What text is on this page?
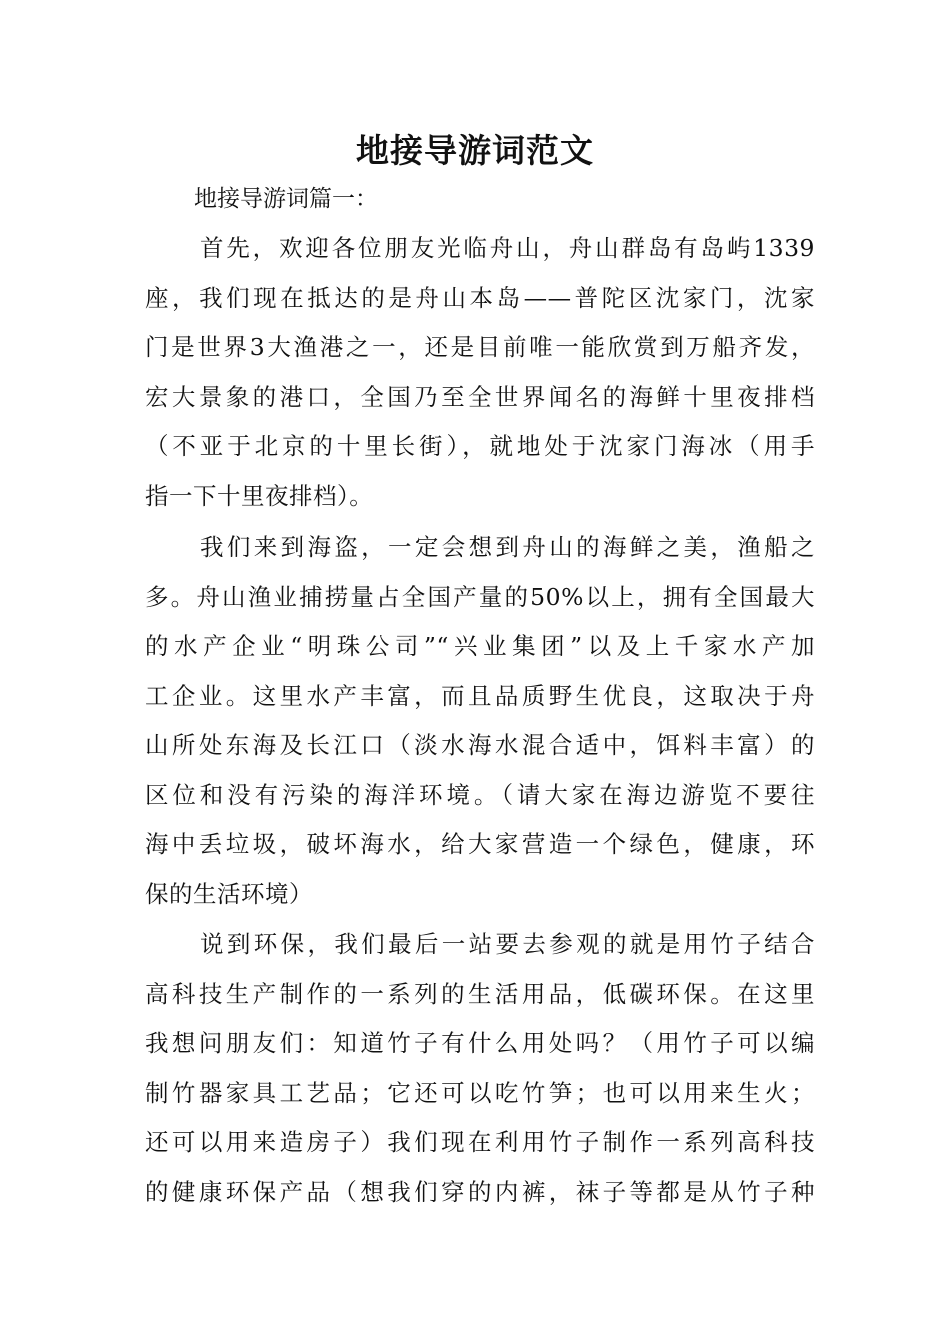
地接导游词范文

地接导游词篇一：

首先，欢迎各位朋友光临舟山，舟山群岛有岛屿1339
座，我们现在抵达的是舟山本岛——普陀区沈家门，沈家
门是世界3大渔港之一，还是目前唯一能欣赏到万船齐发，
宏大景象的港口，全国乃至全世界闻名的海鲜十里夜排档
（不亚于北京的十里长街），就地处于沈家门海冰（用手
指一下十里夜排档）。
我们来到海盗，一定会想到舟山的海鲜之美，渔船之
多。舟山渔业捕捞量占全国产量的50%以上，拥有全国最大
的水产企业“明珠公司”“兴业集团”以及上千家水产加
工企业。这里水产丰富，而且品质野生优良，这取决于舟
山所处东海及长江口（淡水海水混合适中，饵料丰富）的
区位和没有污染的海洋环境。（请大家在海边游览不要往
海中丢垃圾，破坏海水，给大家营造一个绿色，健康，环
保的生活环境）
说到环保，我们最后一站要去参观的就是用竹子结合
高科技生产制作的一系列的生活用品，低碳环保。在这里
我想问朋友们：知道竹子有什么用处吗？（用竹子可以编
制竹器家具工艺品；它还可以吃竹笋；也可以用来生火；
还可以用来造房子）我们现在利用竹子制作一系列高科技
的健康环保产品（想我们穿的内裤，袜子等都是从竹子种
